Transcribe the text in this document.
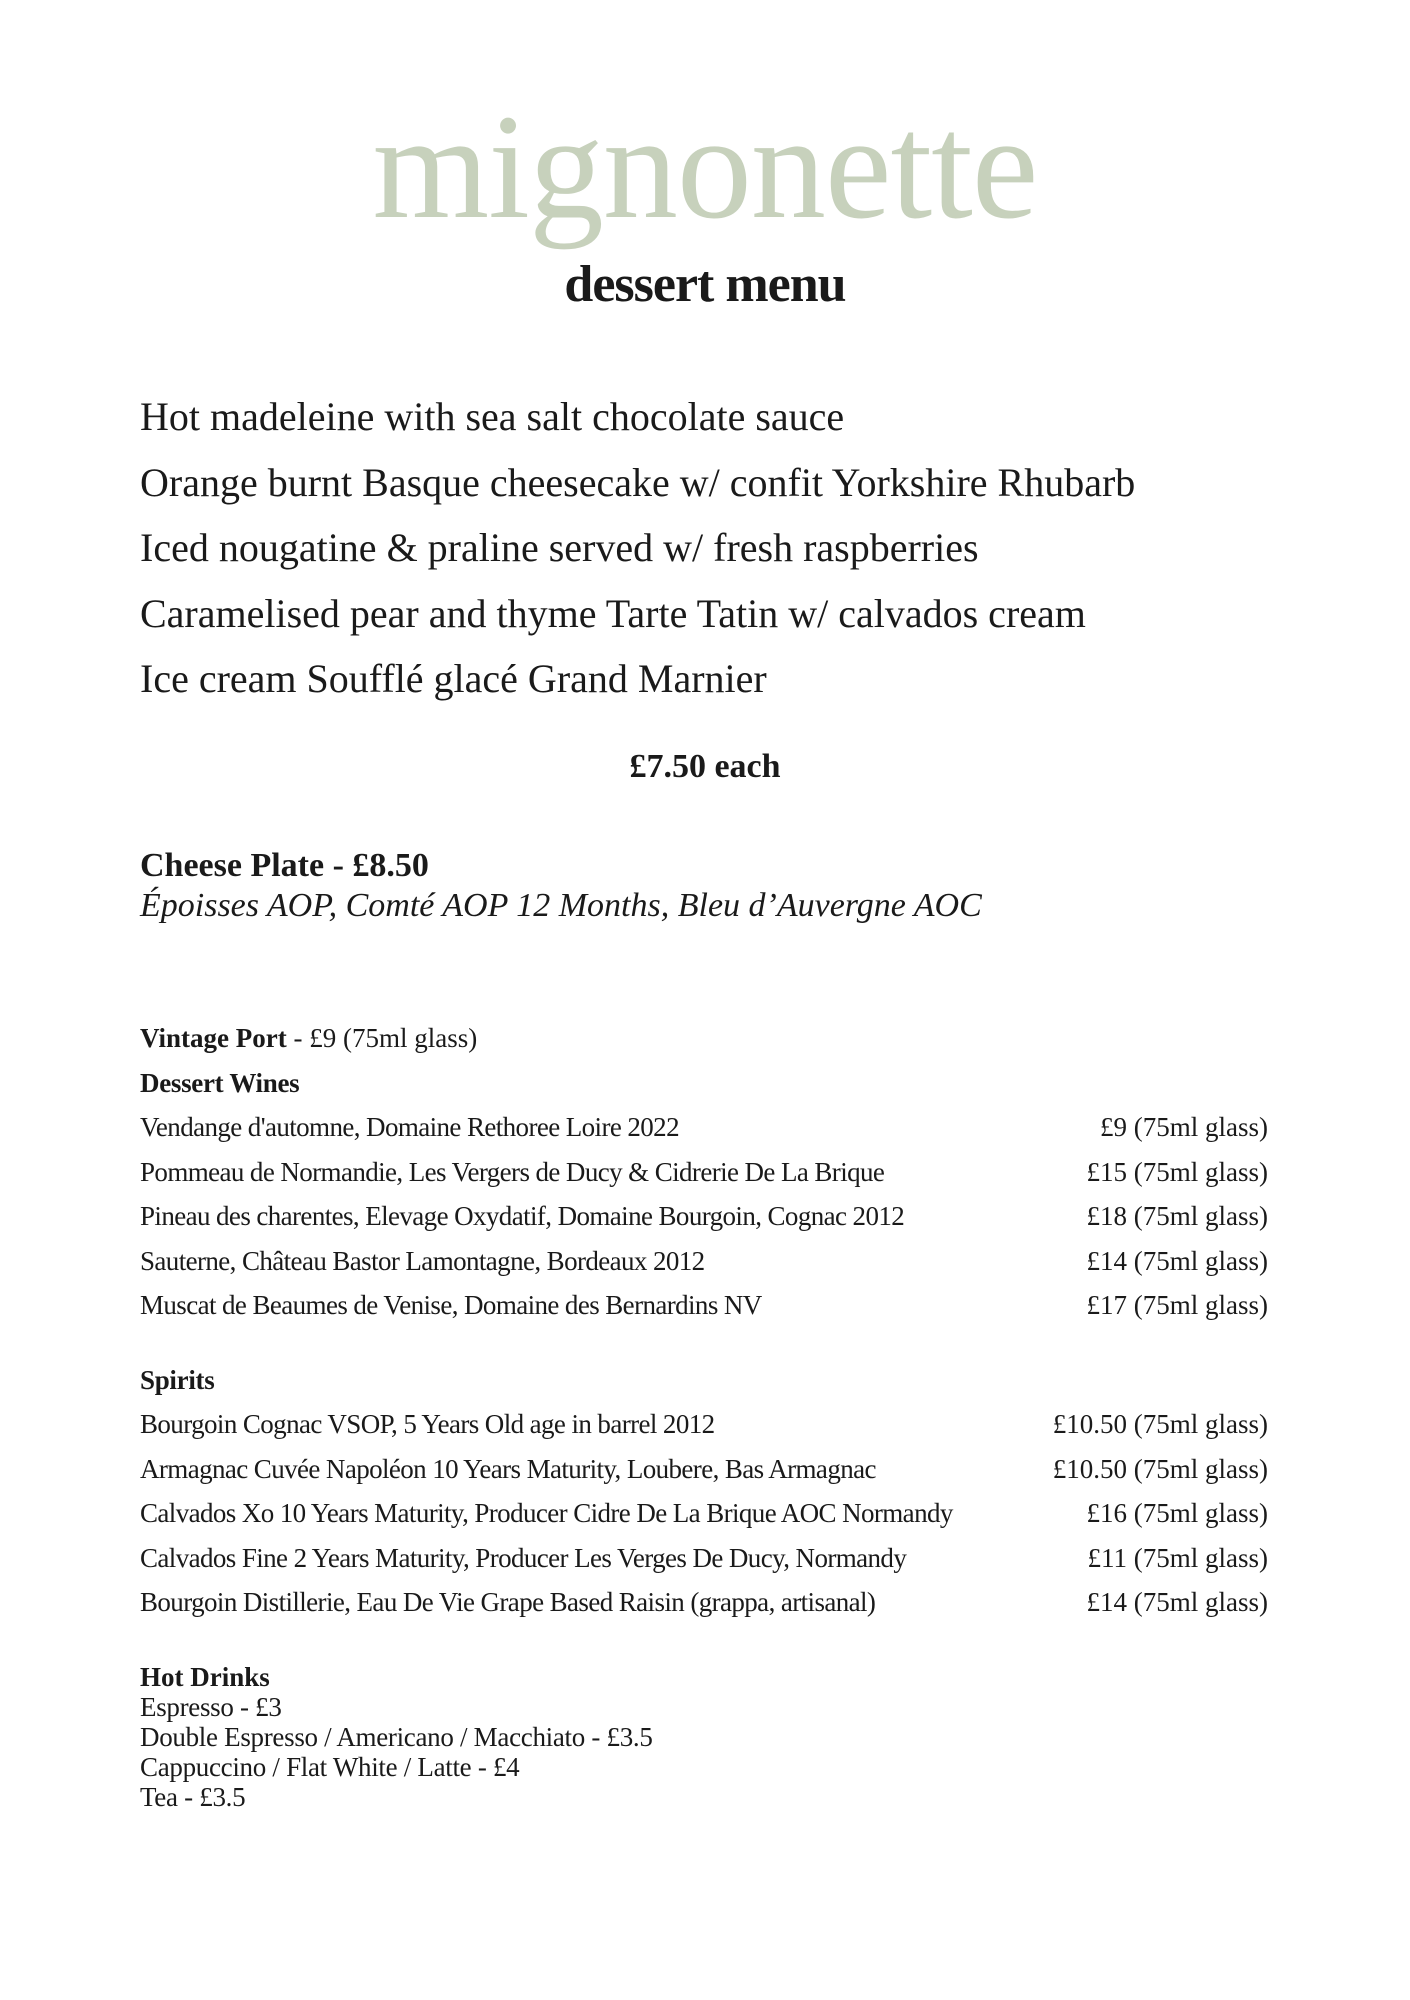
mignonette
dessert menu
Hot madeleine with sea salt chocolate sauce
Orange burnt Basque cheesecake w/ confit Yorkshire Rhubarb
Iced nougatine & praline served w/ fresh raspberries
Caramelised pear and thyme Tarte Tatin w/ calvados cream
Ice cream Soufflé glacé Grand Marnier
£7.50 each
Cheese Plate - £8.50
Époisses AOP, Comté AOP 12 Months, Bleu d’Auvergne AOC
Vintage Port - £9 (75ml glass)
Dessert Wines
Vendange d'automne, Domaine Rethoree Loire 2022	£9 (75ml glass)
Pommeau de Normandie, Les Vergers de Ducy & Cidrerie De La Brique	£15 (75ml glass)
Pineau des charentes, Elevage Oxydatif, Domaine Bourgoin, Cognac 2012	£18 (75ml glass)
Sauterne, Château Bastor Lamontagne, Bordeaux 2012	£14 (75ml glass)
Muscat de Beaumes de Venise, Domaine des Bernardins NV	£17 (75ml glass)
Spirits
Bourgoin Cognac VSOP, 5 Years Old age in barrel 2012	£10.50 (75ml glass)
Armagnac Cuvée Napoléon 10 Years Maturity, Loubere, Bas Armagnac	£10.50 (75ml glass)
Calvados Xo 10 Years Maturity, Producer Cidre De La Brique AOC Normandy	£16 (75ml glass)
Calvados Fine 2 Years Maturity, Producer Les Verges De Ducy, Normandy	£11 (75ml glass)
Bourgoin Distillerie, Eau De Vie Grape Based Raisin (grappa, artisanal)	£14 (75ml glass)
Hot Drinks
Espresso - £3
Double Espresso / Americano / Macchiato - £3.5
Cappuccino / Flat White / Latte - £4
Tea - £3.5
